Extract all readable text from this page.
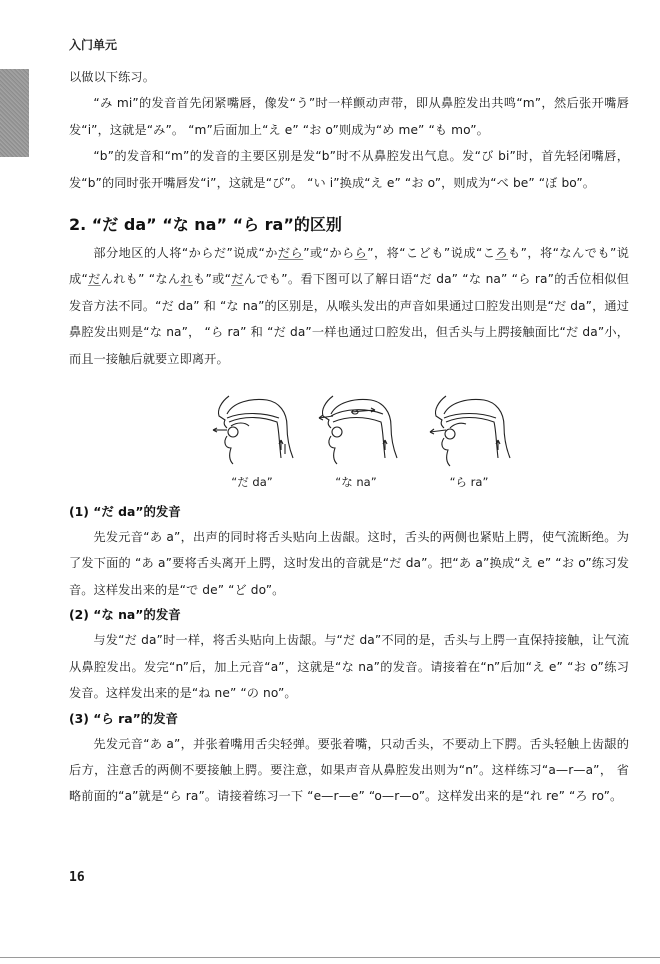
入门单元

以做以下练习。

“み mi”的发音首先闭紧嘴唇，像发“う”时一样颤动声带，即从鼻腔发出共鸣“m”，然后张开嘴唇发“i”，这就是“み”。 “m”后面加上“え e” “お o”则成为“め me” “も mo”。

“b”的发音和“m”的发音的主要区别是发“b”时不从鼻腔发出气息。发“び bi”时，首先轻闭嘴唇，发“b”的同时张开嘴唇发“i”，这就是“び”。 “い i”换成“え e” “お o”，则成为“べ be” “ぼ bo”。

2. “だ da” “な na” “ら ra”的区别

部分地区的人将“からだ”说成“かだら”或“からら”，将“こども”说成“ころも”，将“なんでも”说成“だんれも” “なんれも”或“だんでも”。看下图可以了解日语“だ da” “な na” “ら ra”的舌位相似但发音方法不同。“だ da” 和 “な na”的区别是，从喉头发出的声音如果通过口腔发出则是“だ da”，通过鼻腔发出则是“な na”， “ら ra” 和 “だ da”一样也通过口腔发出，但舌头与上腭接触面比“だ da”小，而且一接触后就要立即离开。

“だ da”	“な na”	“ら ra”
(1) “だ da”的发音

先发元音“あ a”，出声的同时将舌头贴向上齿龈。这时，舌头的两侧也紧贴上腭，使气流断绝。为了发下面的 “あ a”要将舌头离开上腭，这时发出的音就是“だ da”。把“あ a”换成“え e” “お o”练习发音。这样发出来的是“で de” “ど do”。

(2) “な na”的发音

与发“だ da”时一样，将舌头贴向上齿龈。与“だ da”不同的是，舌头与上腭一直保持接触，让气流从鼻腔发出。发完“n”后，加上元音“a”，这就是“な na”的发音。请接着在“n”后加“え e” “お o”练习发音。这样发出来的是“ね ne” “の no”。

(3) “ら ra”的发音

先发元音“あ a”，并张着嘴用舌尖轻弹。要张着嘴，只动舌头，不要动上下腭。舌头轻触上齿龈的后方，注意舌的两侧不要接触上腭。要注意，如果声音从鼻腔发出则为“n”。这样练习“a—r—a”， 省略前面的“a”就是“ら ra”。请接着练习一下 “e—r—e” “o—r—o”。这样发出来的是“れ re” “ろ ro”。

16
